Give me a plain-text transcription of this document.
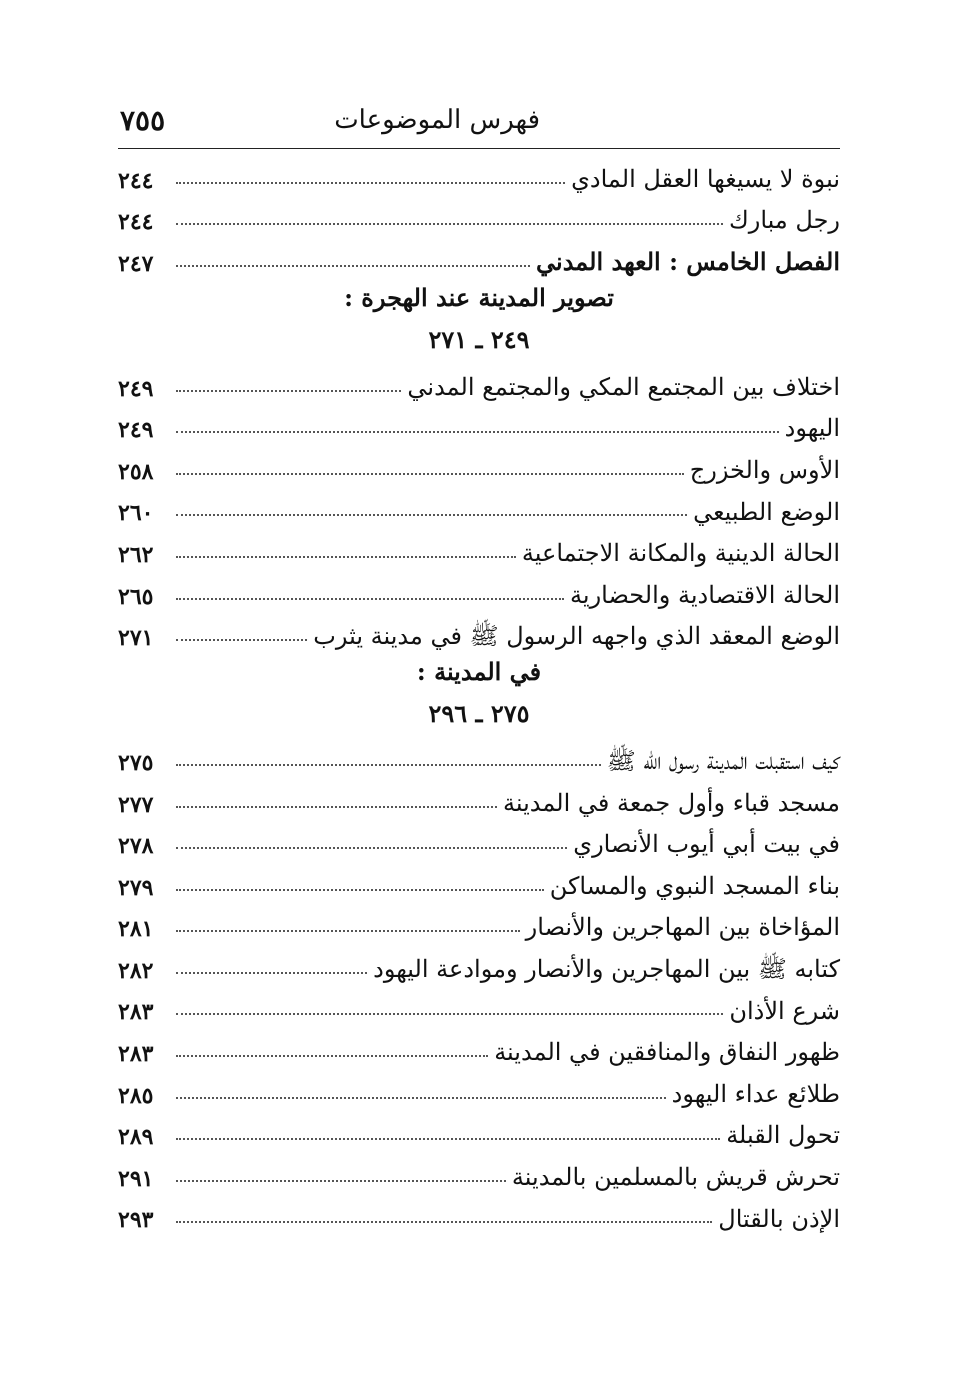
فهرس الموضوعات
٧٥٥
نبوة لا يسيغها العقل المادي
٢٤٤
رجل مبارك
٢٤٤
الفصل الخامس : العهد المدني
٢٤٧
تصوير المدينة عند الهجرة :
٢٤٩ ـ ٢٧١
اختلاف بين المجتمع المكي والمجتمع المدني
٢٤٩
اليهود
٢٤٩
الأوس والخزرج
٢٥٨
الوضع الطبيعي
٢٦٠
الحالة الدينية والمكانة الاجتماعية
٢٦٢
الحالة الاقتصادية والحضارية
٢٦٥
الوضع المعقد الذي واجهه الرسول ﷺ في مدينة يثرب
٢٧١
في المدينة :
٢٧٥ ـ ٢٩٦
كيف استقبلت المدينة رسول الله ﷺ
٢٧٥
مسجد قباء وأول جمعة في المدينة
٢٧٧
في بيت أبي أيوب الأنصاري
٢٧٨
بناء المسجد النبوي والمساكن
٢٧٩
المؤاخاة بين المهاجرين والأنصار
٢٨١
كتابه ﷺ بين المهاجرين والأنصار وموادعة اليهود
٢٨٢
شرع الأذان
٢٨٣
ظهور النفاق والمنافقين في المدينة
٢٨٣
طلائع عداء اليهود
٢٨٥
تحول القبلة
٢٨٩
تحرش قريش بالمسلمين بالمدينة
٢٩١
الإذن بالقتال
٢٩٣
